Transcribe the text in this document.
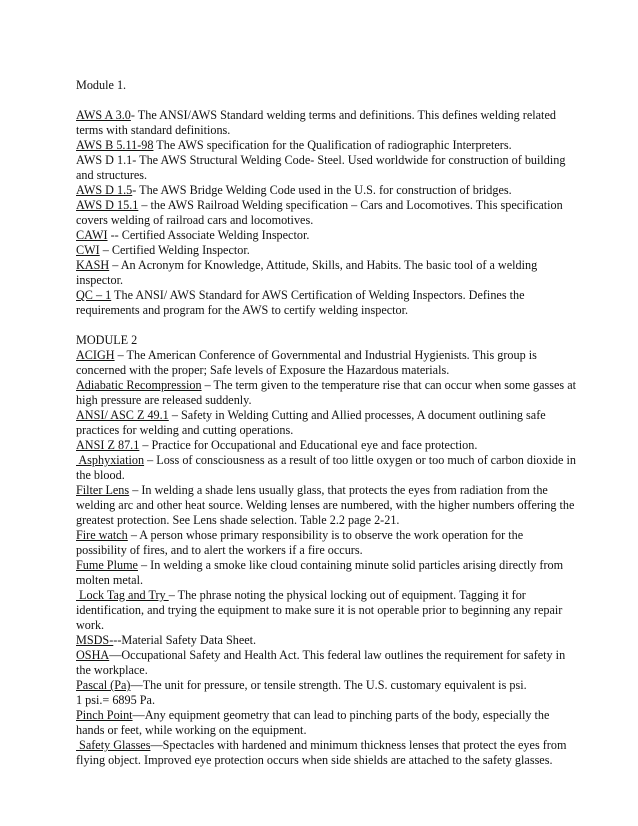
Module 1.

AWS A 3.0- The ANSI/AWS Standard welding terms and definitions. This defines welding related terms with standard definitions.

AWS B 5.11-98 The AWS specification for the Qualification of radiographic Interpreters.

AWS D 1.1- The AWS Structural Welding Code- Steel. Used worldwide for construction of building and structures.

AWS D 1.5- The AWS Bridge Welding Code used in the U.S. for construction of bridges.

AWS D 15.1 – the AWS Railroad Welding specification – Cars and Locomotives. This specification covers welding of railroad cars and locomotives.

CAWI -- Certified Associate Welding Inspector.

CWI – Certified Welding Inspector.

KASH – An Acronym for Knowledge, Attitude, Skills, and Habits. The basic tool of a welding inspector.

QC – 1 The ANSI/ AWS Standard for AWS Certification of Welding Inspectors. Defines the requirements and program for the AWS to certify welding inspector.

MODULE 2

ACIGH – The American Conference of Governmental and Industrial Hygienists. This group is concerned with the proper; Safe levels of Exposure the Hazardous materials.

Adiabatic Recompression – The term given to the temperature rise that can occur when some gasses at high pressure are released suddenly.

ANSI/ ASC Z 49.1 – Safety in Welding Cutting and Allied processes, A document outlining safe practices for welding and cutting operations.

ANSI Z 87.1 – Practice for Occupational and Educational eye and face protection.

Asphyxiation – Loss of consciousness as a result of too little oxygen or too much of carbon dioxide in the blood.

Filter Lens – In welding a shade lens usually glass, that protects the eyes from radiation from the welding arc and other heat source. Welding lenses are numbered, with the higher numbers offering the greatest protection. See Lens shade selection. Table 2.2 page 2-21.

Fire watch – A person whose primary responsibility is to observe the work operation for the possibility of fires, and to alert the workers if a fire occurs.

Fume Plume – In welding a smoke like cloud containing minute solid particles arising directly from molten metal.

Lock Tag and Try – The phrase noting the physical locking out of equipment. Tagging it for identification, and trying the equipment to make sure it is not operable prior to beginning any repair work.

MSDS---Material Safety Data Sheet.

OSHA—Occupational Safety and Health Act. This federal law outlines the requirement for safety in the workplace.

Pascal (Pa)—The unit for pressure, or tensile strength. The U.S. customary equivalent is psi.

1 psi.= 6895 Pa.

Pinch Point—Any equipment geometry that can lead to pinching parts of the body, especially the hands or feet, while working on the equipment.

Safety Glasses—Spectacles with hardened and minimum thickness lenses that protect the eyes from flying object. Improved eye protection occurs when side shields are attached to the safety glasses.
